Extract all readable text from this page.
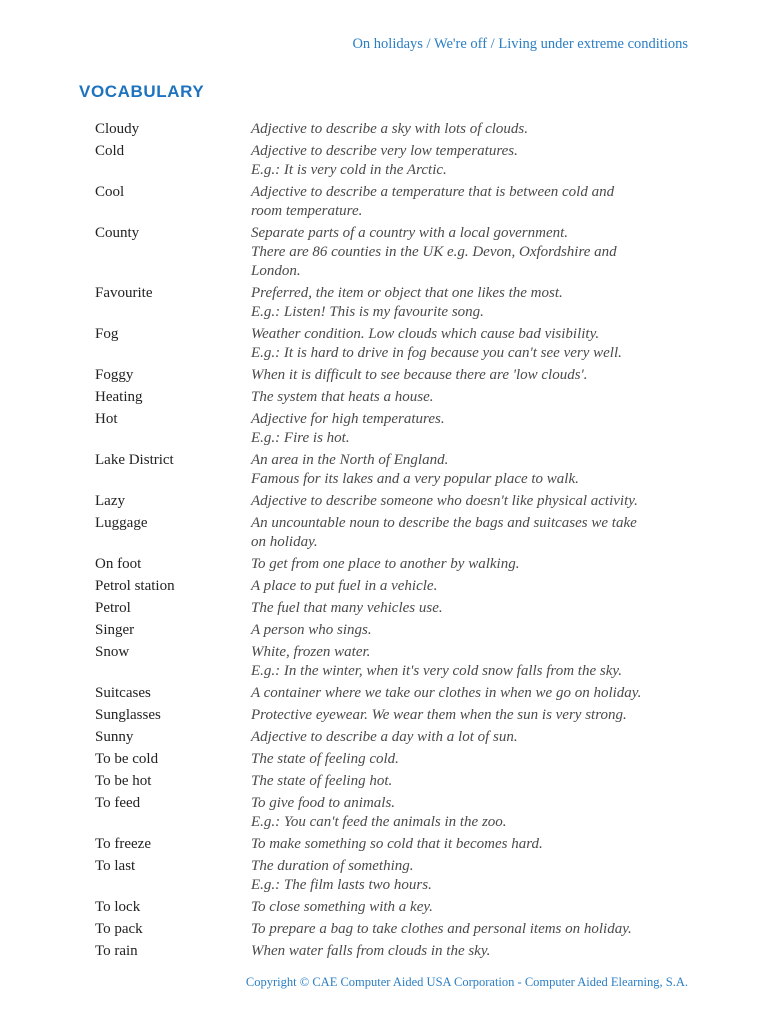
On holidays / We're off / Living under extreme conditions
VOCABULARY
Cloudy	Adjective to describe a sky with lots of clouds.
Cold	Adjective to describe very low temperatures.
E.g.: It is very cold in the Arctic.
Cool	Adjective to describe a temperature that is between cold and
room temperature.
County	Separate parts of a country with a local government.
There are 86 counties in the UK e.g. Devon, Oxfordshire and
London.
Favourite	Preferred, the item or object that one likes the most.
E.g.: Listen! This is my favourite song.
Fog	Weather condition. Low clouds which cause bad visibility.
E.g.: It is hard to drive in fog because you can't see very well.
Foggy	When it is difficult to see because there are 'low clouds'.
Heating	The system that heats a house.
Hot	Adjective for high temperatures.
E.g.: Fire is hot.
Lake District	An area in the North of England.
Famous for its lakes and a very popular place to walk.
Lazy	Adjective to describe someone who doesn't like physical activity.
Luggage	An uncountable noun to describe the bags and suitcases we take
on holiday.
On foot	To get from one place to another by walking.
Petrol station	A place to put fuel in a vehicle.
Petrol	The fuel that many vehicles use.
Singer	A person who sings.
Snow	White, frozen water.
E.g.: In the winter, when it's very cold snow falls from the sky.
Suitcases	A container where we take our clothes in when we go on holiday.
Sunglasses	Protective eyewear. We wear them when the sun is very strong.
Sunny	Adjective to describe a day with a lot of sun.
To be cold	The state of feeling cold.
To be hot	The state of feeling hot.
To feed	To give food to animals.
E.g.: You can't feed the animals in the zoo.
To freeze	To make something so cold that it becomes hard.
To last	The duration of something.
E.g.: The film lasts two hours.
To lock	To close something with a key.
To pack	To prepare a bag to take clothes and personal items on holiday.
To rain	When water falls from clouds in the sky.
Copyright © CAE Computer Aided USA Corporation - Computer Aided Elearning, S.A.
